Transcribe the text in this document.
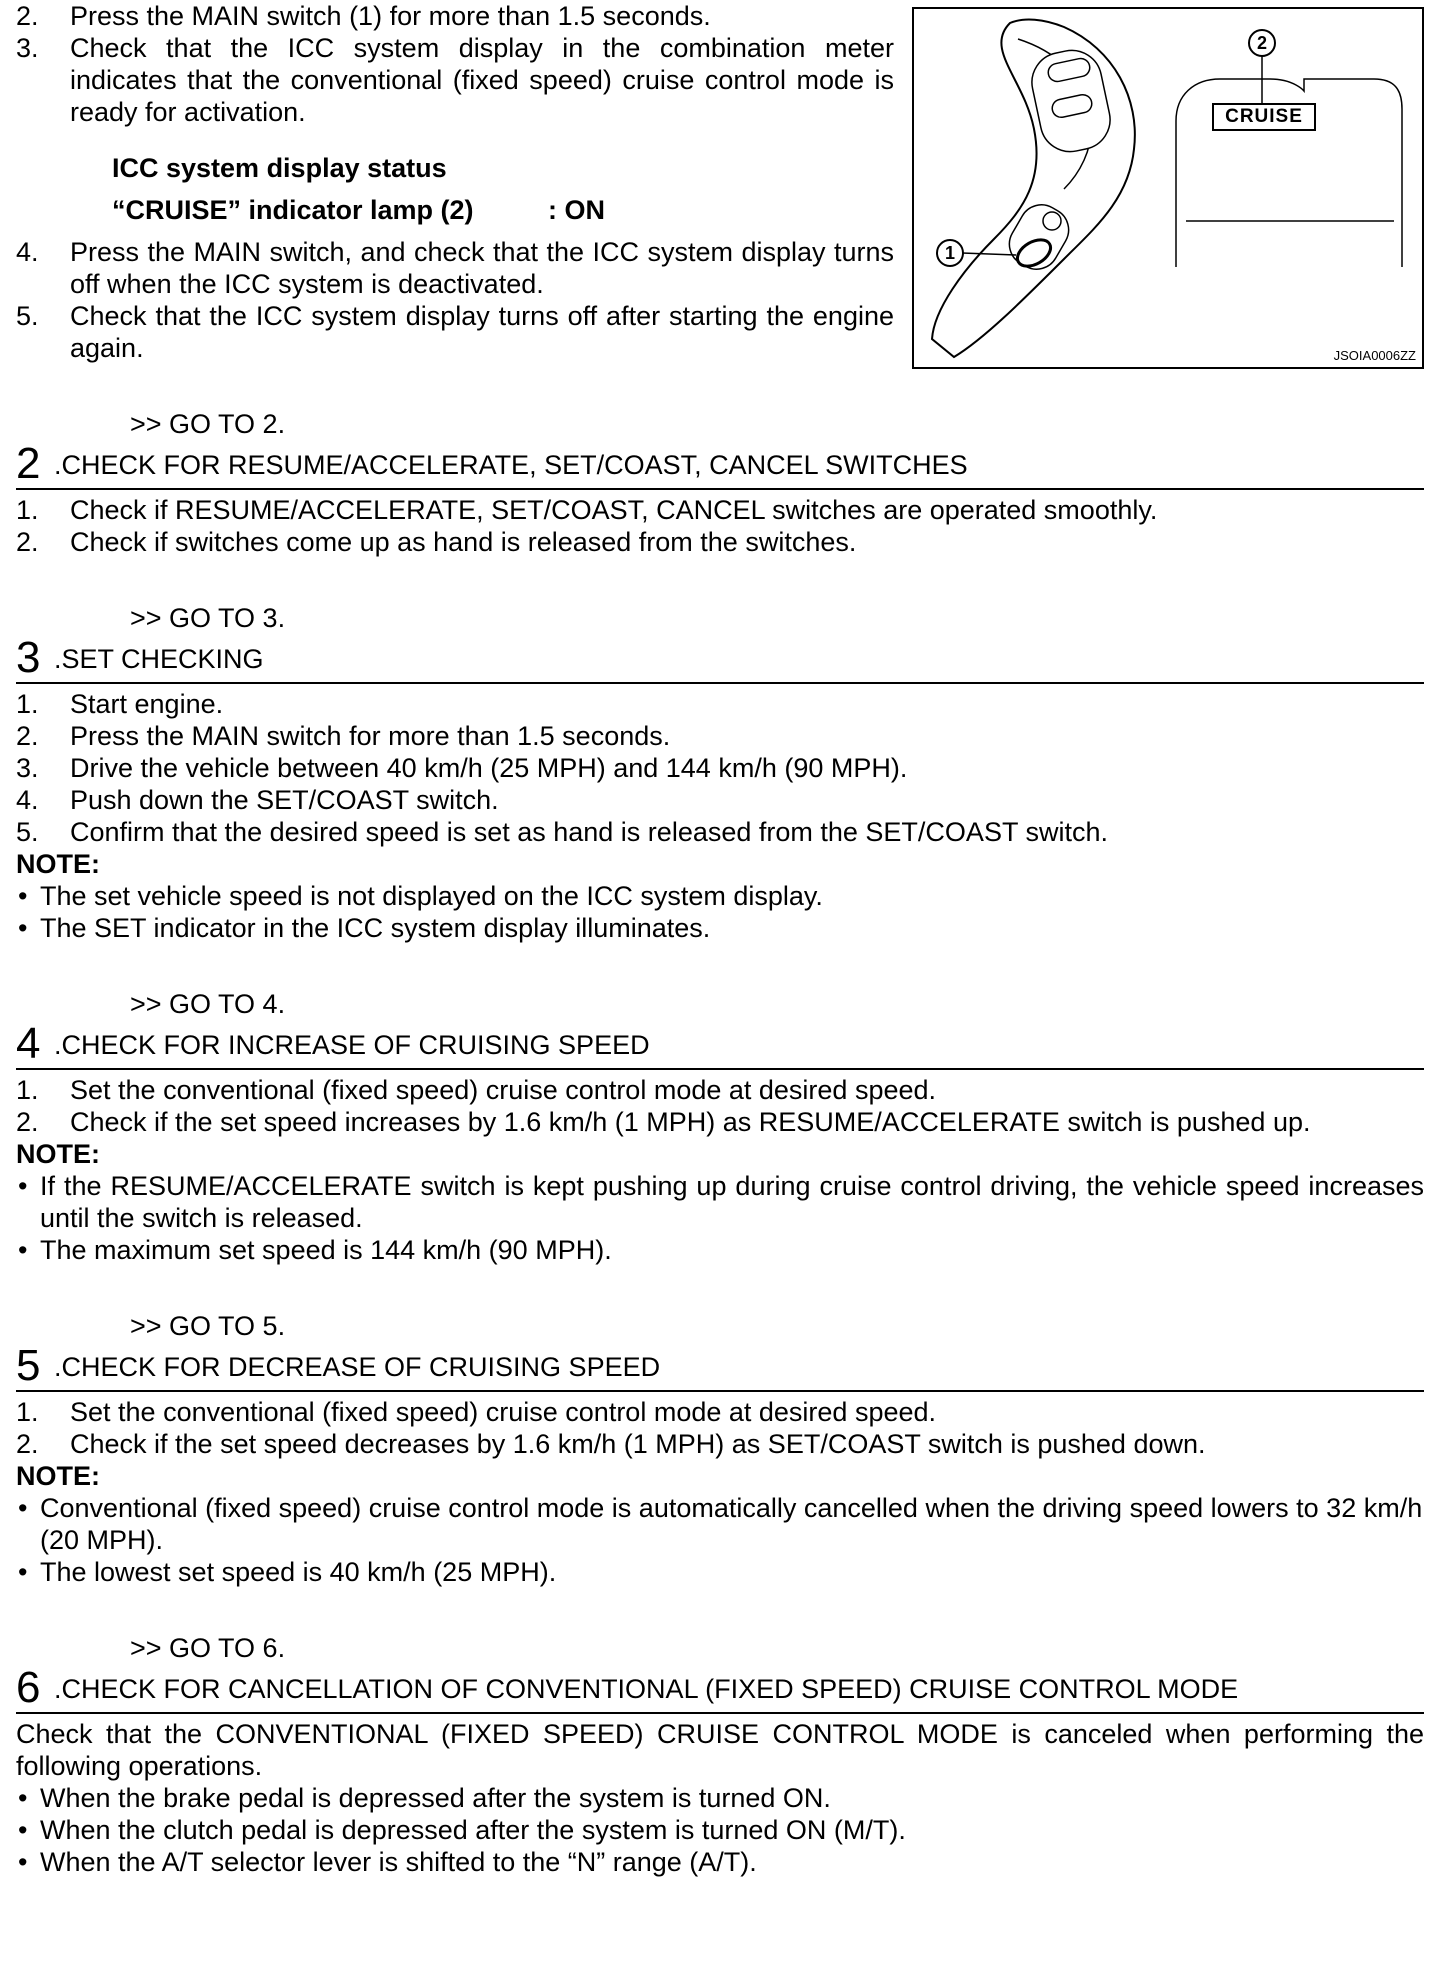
2. Press the MAIN switch (1) for more than 1.5 seconds.
3. Check that the ICC system display in the combination meter indicates that the conventional (fixed speed) cruise control mode is ready for activation.
ICC system display status
“CRUISE” indicator lamp (2)	: ON
4. Press the MAIN switch, and check that the ICC system display turns off when the ICC system is deactivated.
5. Check that the ICC system display turns off after starting the engine again.
>> GO TO 2.
2 .CHECK FOR RESUME/ACCELERATE, SET/COAST, CANCEL SWITCHES
1. Check if RESUME/ACCELERATE, SET/COAST, CANCEL switches are operated smoothly.
2. Check if switches come up as hand is released from the switches.
>> GO TO 3.
3 .SET CHECKING
1. Start engine.
2. Press the MAIN switch for more than 1.5 seconds.
3. Drive the vehicle between 40 km/h (25 MPH) and 144 km/h (90 MPH).
4. Push down the SET/COAST switch.
5. Confirm that the desired speed is set as hand is released from the SET/COAST switch.
NOTE:
• The set vehicle speed is not displayed on the ICC system display.
• The SET indicator in the ICC system display illuminates.
>> GO TO 4.
4 .CHECK FOR INCREASE OF CRUISING SPEED
1. Set the conventional (fixed speed) cruise control mode at desired speed.
2. Check if the set speed increases by 1.6 km/h (1 MPH) as RESUME/ACCELERATE switch is pushed up.
NOTE:
• If the RESUME/ACCELERATE switch is kept pushing up during cruise control driving, the vehicle speed increases until the switch is released.
• The maximum set speed is 144 km/h (90 MPH).
>> GO TO 5.
5 .CHECK FOR DECREASE OF CRUISING SPEED
1. Set the conventional (fixed speed) cruise control mode at desired speed.
2. Check if the set speed decreases by 1.6 km/h (1 MPH) as SET/COAST switch is pushed down.
NOTE:
• Conventional (fixed speed) cruise control mode is automatically cancelled when the driving speed lowers to 32 km/h (20 MPH).
• The lowest set speed is 40 km/h (25 MPH).
>> GO TO 6.
6 .CHECK FOR CANCELLATION OF CONVENTIONAL (FIXED SPEED) CRUISE CONTROL MODE
Check that the CONVENTIONAL (FIXED SPEED) CRUISE CONTROL MODE is canceled when performing the following operations.
• When the brake pedal is depressed after the system is turned ON.
• When the clutch pedal is depressed after the system is turned ON (M/T).
• When the A/T selector lever is shifted to the “N” range (A/T).
1
2
CRUISE
JSOIA0006ZZ
